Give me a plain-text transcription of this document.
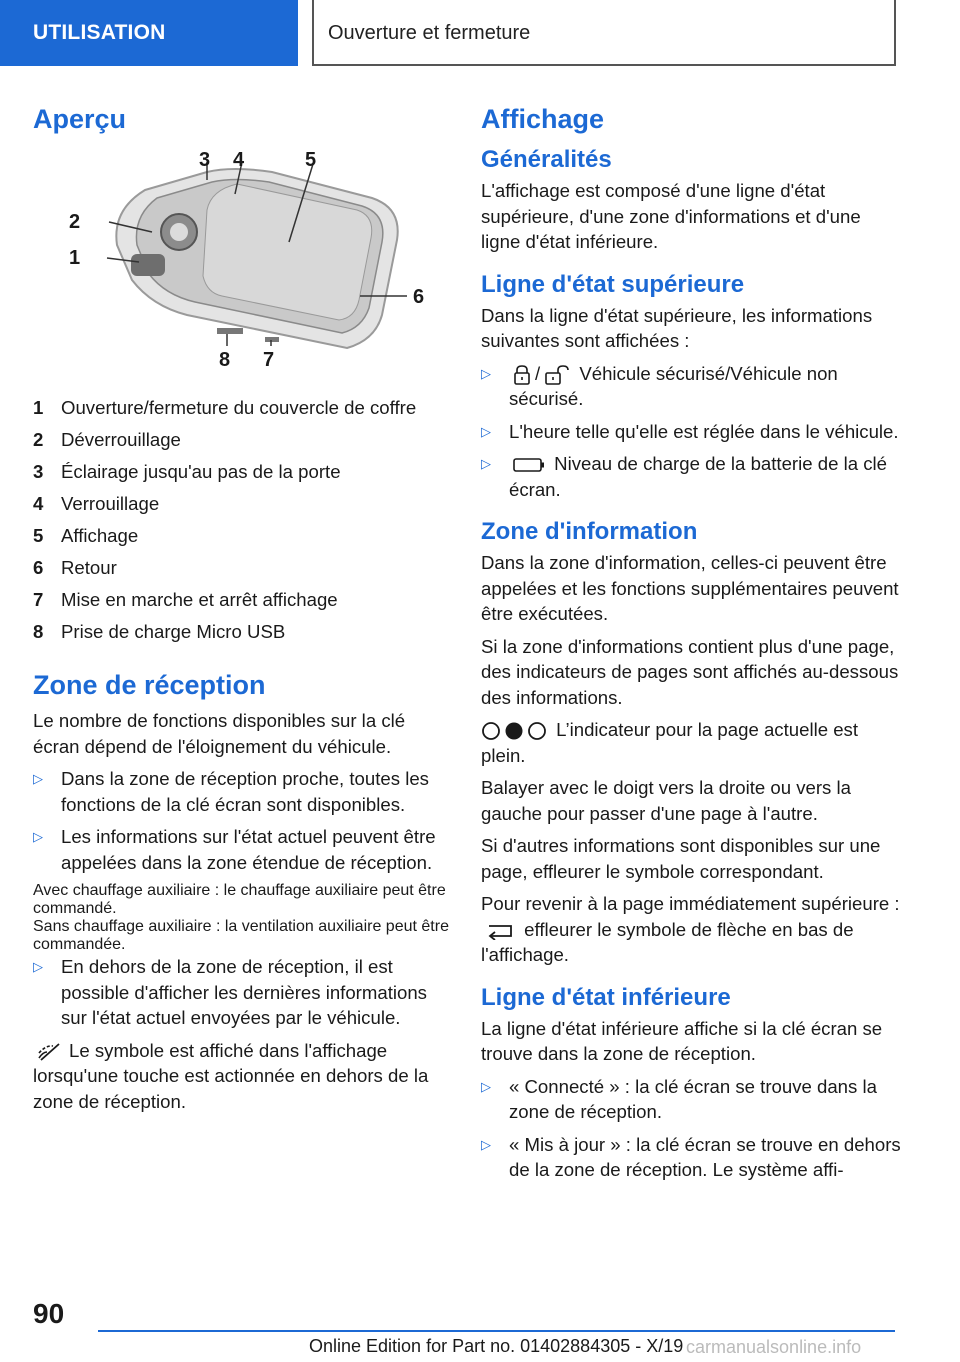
UTILISATION	Ouverture et fermeture
Aperçu
3 4	5
2
1
6
8 7
1 Ouverture/fermeture du couvercle de coffre
2 Déverrouillage
3 Éclairage jusqu'au pas de la porte
4 Verrouillage
5 Affichage
6 Retour
7 Mise en marche et arrêt affichage
8 Prise de charge Micro USB
Zone de réception

Le nombre de fonctions disponibles sur la clé écran dépend de l'éloignement du véhicule.

▷ Dans la zone de réception proche, toutes les fonctions de la clé écran sont disponibles.
▷ Les informations sur l'état actuel peuvent être appelées dans la zone étendue de réception.

Avec chauffage auxiliaire : le chauffage auxiliaire peut être commandé.

Sans chauffage auxiliaire : la ventilation auxiliaire peut être commandée.

▷ En dehors de la zone de réception, il est possible d'afficher les dernières informations sur l'état actuel envoyées par le véhicule.

Le symbole est affiché dans l'affichage lorsqu'une touche est actionnée en dehors de la zone de réception.

Affichage
Généralités

L'affichage est composé d'une ligne d'état supérieure, d'une zone d'informations et d'une ligne d'état inférieure.

Ligne d'état supérieure

Dans la ligne d'état supérieure, les informations suivantes sont affichées :

▷	/ Véhicule sécurisé/Véhicule non sécurisé.
▷ L'heure telle qu'elle est réglée dans le véhicule.
▷	Niveau de charge de la batterie de la clé écran.
Zone d'information

Dans la zone d'information, celles-ci peuvent être appelées et les fonctions supplémentaires peuvent être exécutées.

Si la zone d'informations contient plus d'une page, des indicateurs de pages sont affichés au-dessous des informations.

L’indicateur pour la page actuelle est plein.

Balayer avec le doigt vers la droite ou vers la gauche pour passer d'une page à l'autre.

Si d'autres informations sont disponibles sur une page, effleurer le symbole correspondant.

Pour revenir à la page immédiatement supérieure :  effleurer le symbole de flèche en bas de l'affichage.

Ligne d'état inférieure

La ligne d'état inférieure affiche si la clé écran se trouve dans la zone de réception.

▷ « Connecté » : la clé écran se trouve dans la zone de réception.
▷ « Mis à jour » : la clé écran se trouve en dehors de la zone de réception. Le système affi-
90
Online Edition for Part no. 01402884305 - X/19 carmanualsonline.info
